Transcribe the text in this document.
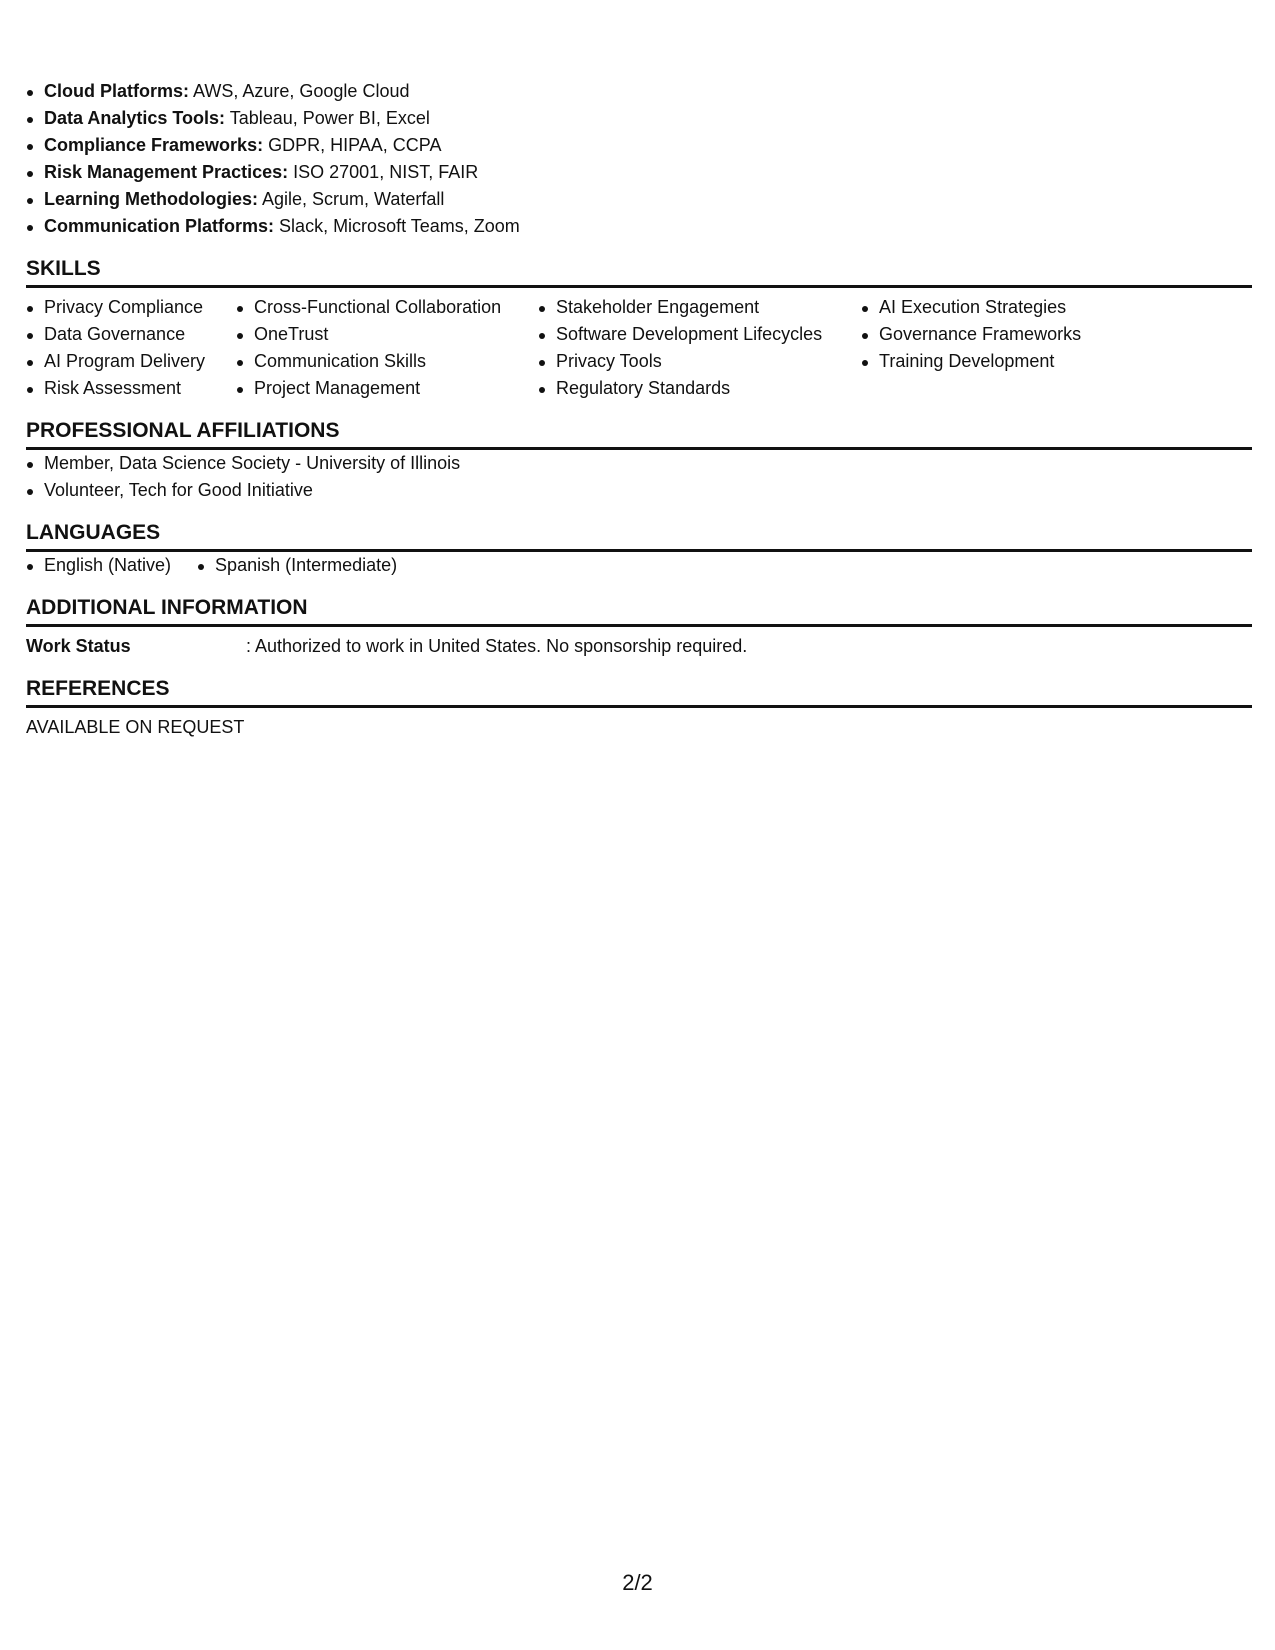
Cloud Platforms: AWS, Azure, Google Cloud
Data Analytics Tools: Tableau, Power BI, Excel
Compliance Frameworks: GDPR, HIPAA, CCPA
Risk Management Practices: ISO 27001, NIST, FAIR
Learning Methodologies: Agile, Scrum, Waterfall
Communication Platforms: Slack, Microsoft Teams, Zoom
SKILLS
Privacy Compliance
Data Governance
AI Program Delivery
Risk Assessment
Cross-Functional Collaboration
OneTrust
Communication Skills
Project Management
Stakeholder Engagement
Software Development Lifecycles
Privacy Tools
Regulatory Standards
AI Execution Strategies
Governance Frameworks
Training Development
PROFESSIONAL AFFILIATIONS
Member, Data Science Society - University of Illinois
Volunteer, Tech for Good Initiative
LANGUAGES
English (Native)	Spanish (Intermediate)
ADDITIONAL INFORMATION
Work Status	: Authorized to work in United States. No sponsorship required.
REFERENCES
AVAILABLE ON REQUEST
2/2
